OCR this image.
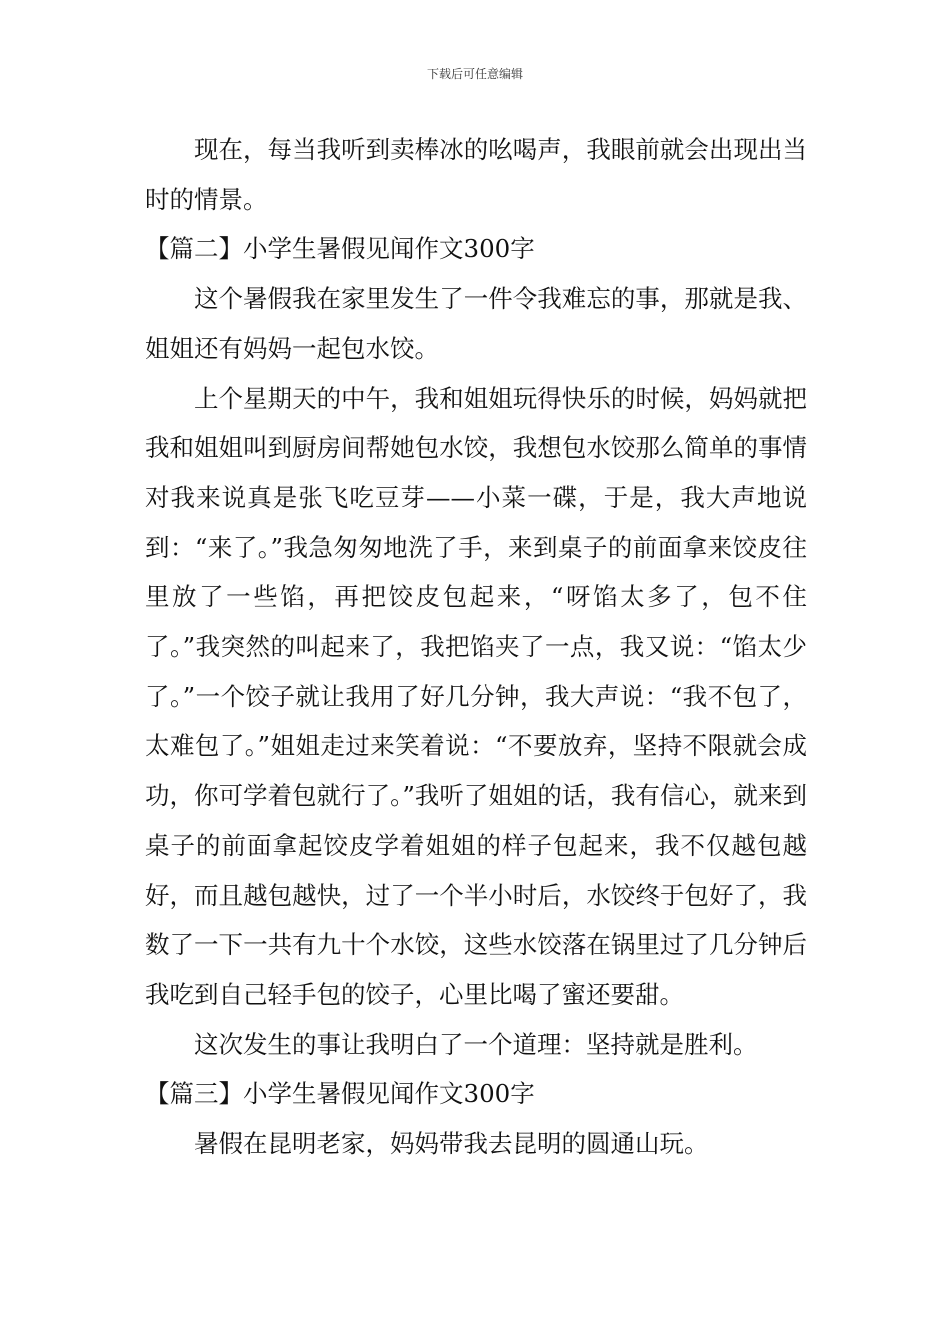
下载后可任意编辑

现在，每当我听到卖棒冰的吆喝声，我眼前就会出现出当时的情景。

【篇二】小学生暑假见闻作文300字

这个暑假我在家里发生了一件令我难忘的事，那就是我、姐姐还有妈妈一起包水饺。

上个星期天的中午，我和姐姐玩得快乐的时候，妈妈就把我和姐姐叫到厨房间帮她包水饺，我想包水饺那么简单的事情对我来说真是张飞吃豆芽——小菜一碟，于是，我大声地说到：“来了。”我急匆匆地洗了手，来到桌子的前面拿来饺皮往里放了一些馅，再把饺皮包起来，“呀馅太多了，包不住了。”我突然的叫起来了，我把馅夹了一点，我又说：“馅太少了。”一个饺子就让我用了好几分钟，我大声说：“我不包了，太难包了。”姐姐走过来笑着说：“不要放弃，坚持不限就会成功，你可学着包就行了。”我听了姐姐的话，我有信心，就来到桌子的前面拿起饺皮学着姐姐的样子包起来，我不仅越包越好，而且越包越快，过了一个半小时后，水饺终于包好了，我数了一下一共有九十个水饺，这些水饺落在锅里过了几分钟后我吃到自己轻手包的饺子，心里比喝了蜜还要甜。

这次发生的事让我明白了一个道理：坚持就是胜利。

【篇三】小学生暑假见闻作文300字

暑假在昆明老家，妈妈带我去昆明的圆通山玩。
